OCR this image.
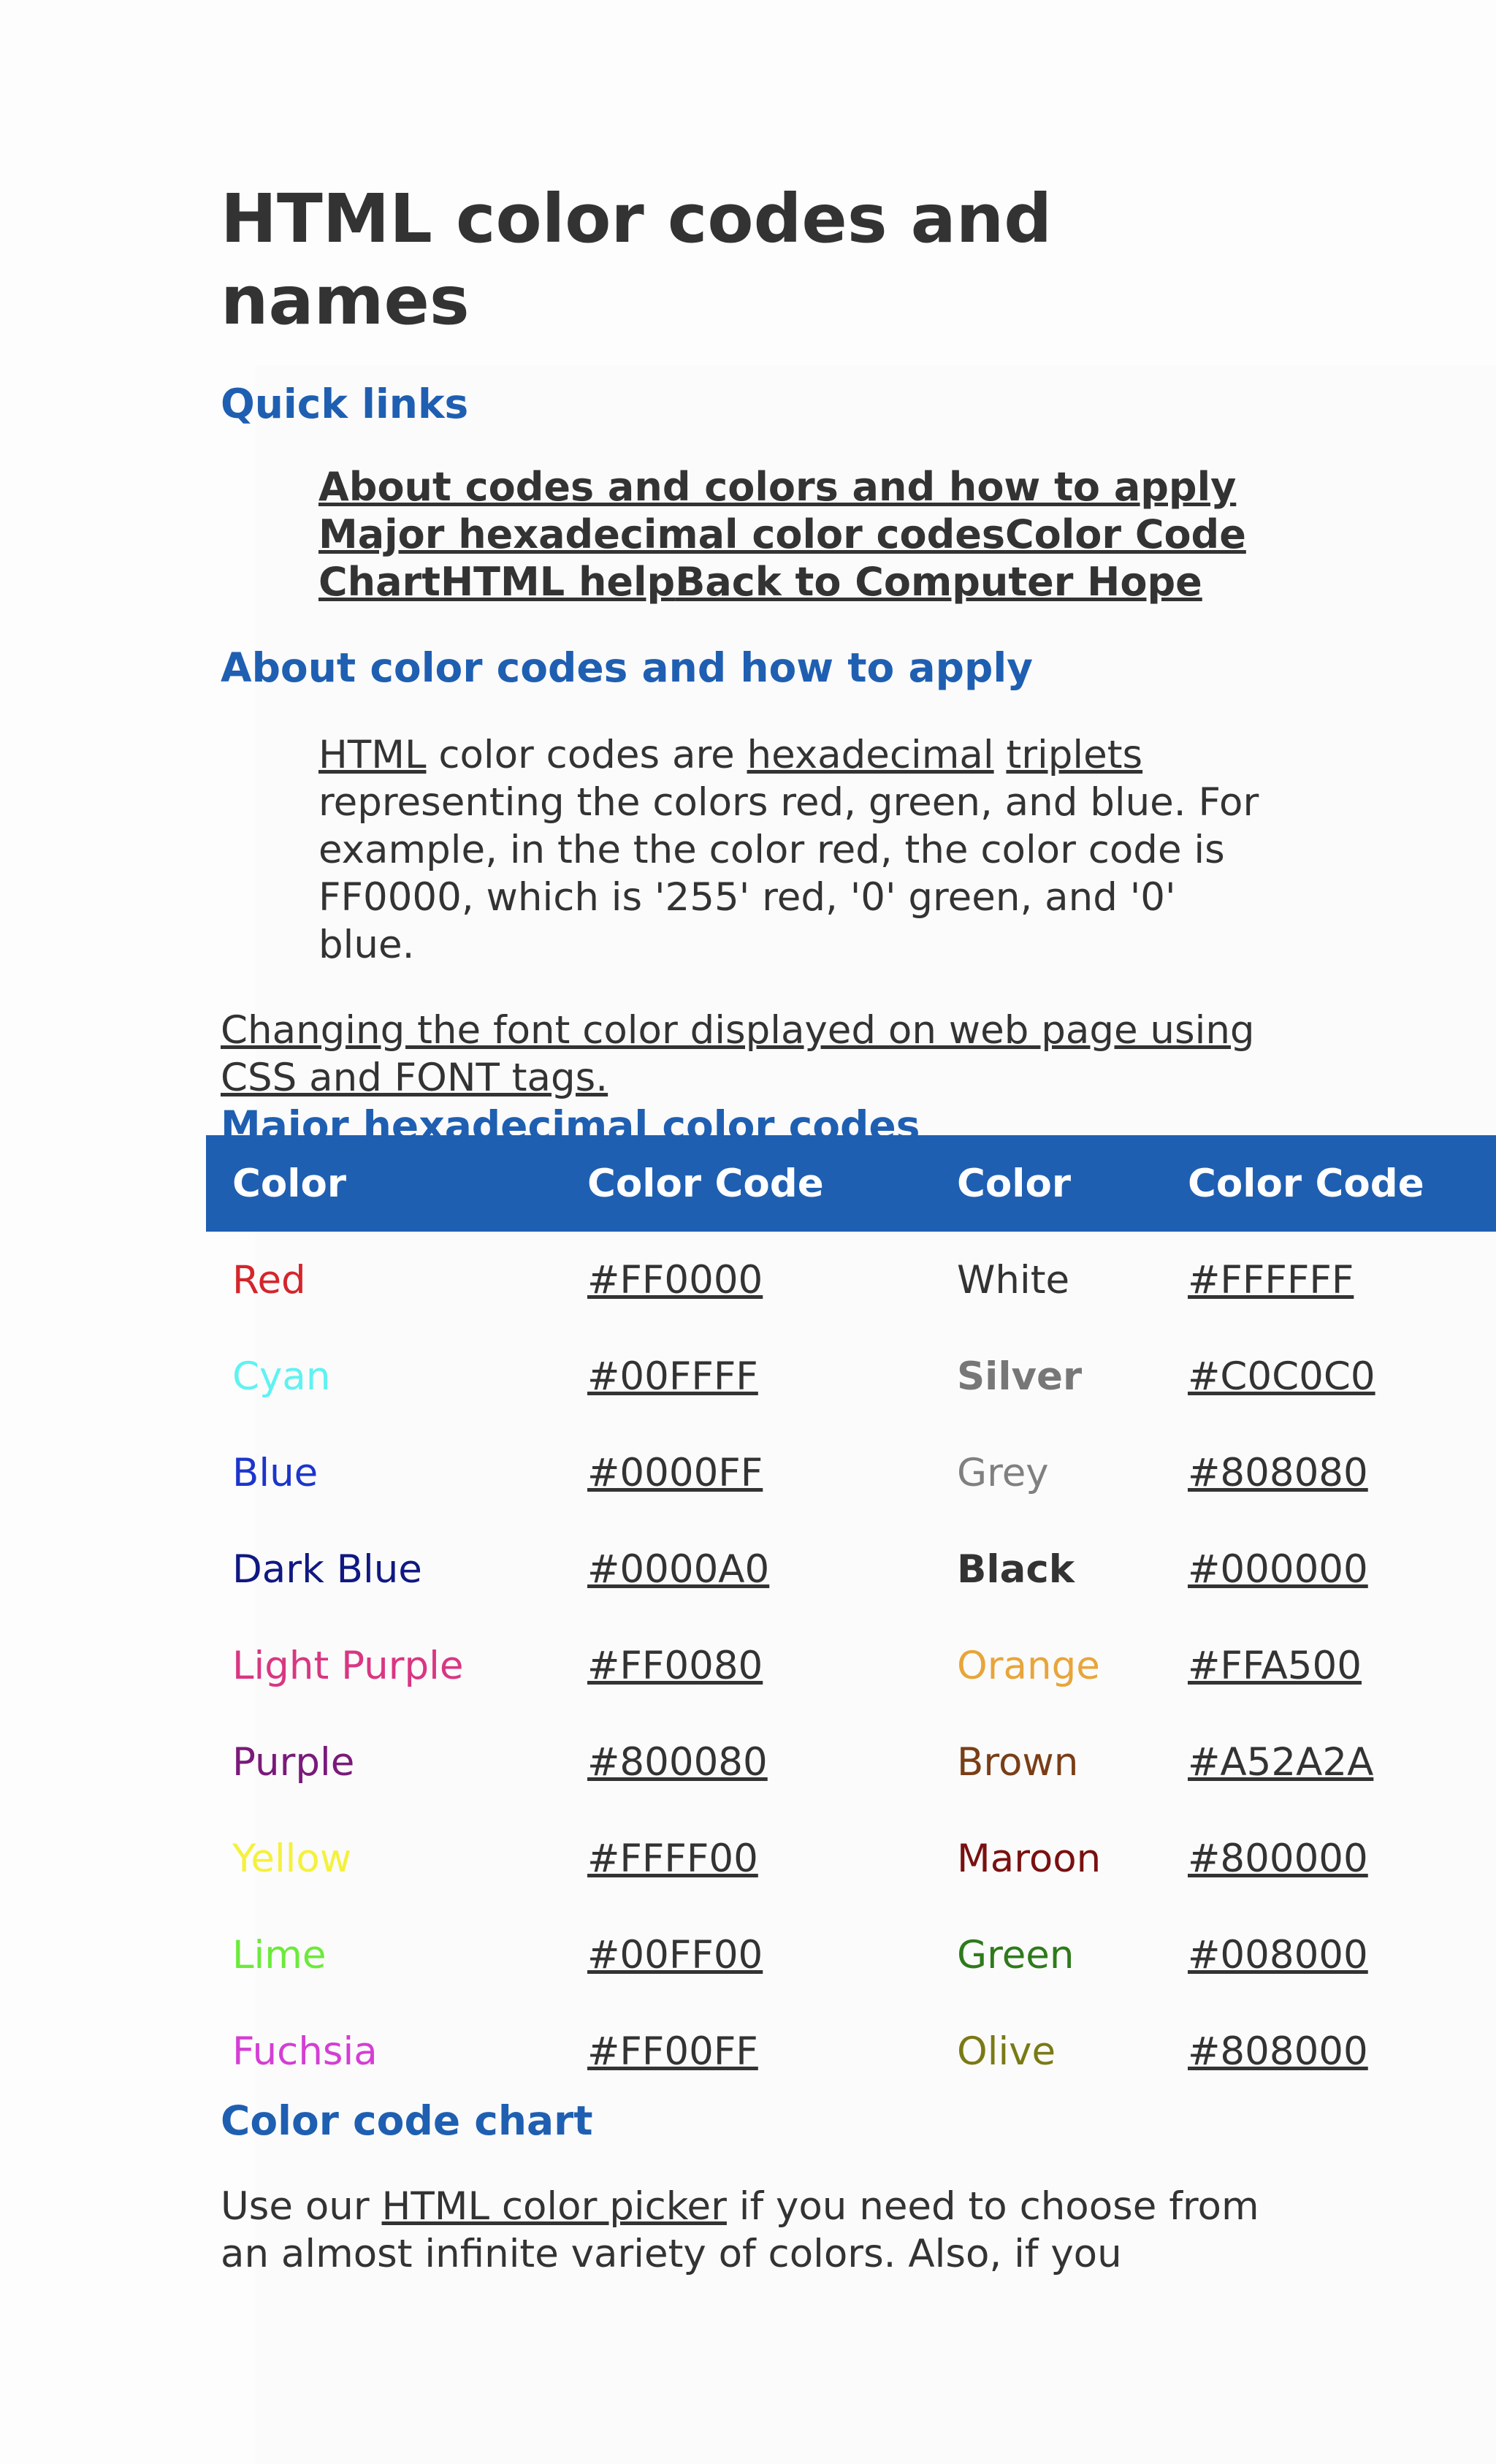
HTML color codes and names
Quick links
About codes and colors and how to apply
Major hexadecimal color codesColor Code ChartHTML helpBack to Computer Hope
About color codes and how to apply
HTML color codes are hexadecimal triplets representing the colors red, green, and blue. For example, in the the color red, the color code is FF0000, which is '255' red, '0' green, and '0' blue.
Changing the font color displayed on web page using CSS and FONT tags.
Major hexadecimal color codes
Color	Color Code	Color	Color Code
Red	#FF0000	White	#FFFFFF
Cyan	#00FFFF	Silver	#C0C0C0
Blue	#0000FF	Grey	#808080
Dark Blue	#0000A0	Black	#000000
Light Purple	#FF0080	Orange	#FFA500
Purple	#800080	Brown	#A52A2A
Yellow	#FFFF00	Maroon	#800000
Lime	#00FF00	Green	#008000
Fuchsia	#FF00FF	Olive	#808000
Color code chart
Use our HTML color picker if you need to choose from an almost infinite variety of colors. Also, if you
